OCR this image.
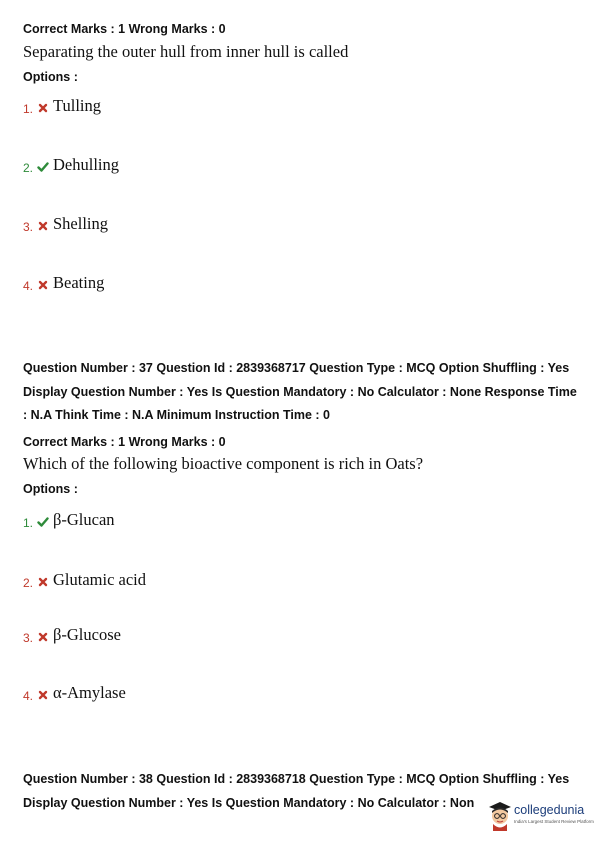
Correct Marks : 1 Wrong Marks : 0
Separating the outer hull from inner hull is called
Options :
1. Tulling
2. Dehulling
3. Shelling
4. Beating
Question Number : 37 Question Id : 2839368717 Question Type : MCQ Option Shuffling : Yes
Display Question Number : Yes Is Question Mandatory : No Calculator : None Response Time
: N.A Think Time : N.A Minimum Instruction Time : 0
Correct Marks : 1 Wrong Marks : 0
Which of the following bioactive component is rich in Oats?
Options :
1. β-Glucan
2. Glutamic acid
3. β-Glucose
4. α-Amylase
Question Number : 38 Question Id : 2839368718 Question Type : MCQ Option Shuffling : Yes
Display Question Number : Yes Is Question Mandatory : No Calculator : Non	collegedunia
India's Largest Student Review Platform
